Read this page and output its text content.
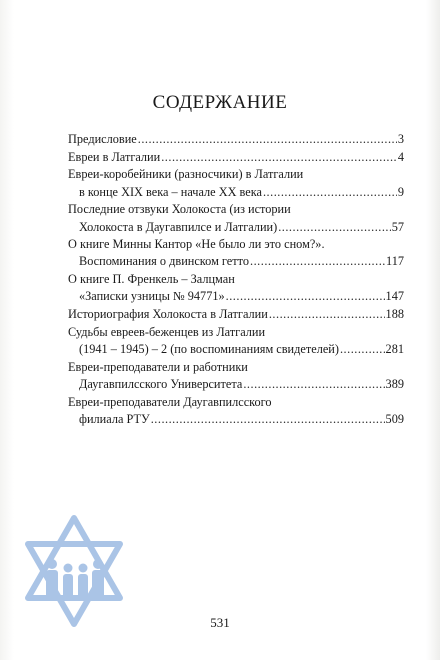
СОДЕРЖАНИЕ
Предисловие .....	3
Евреи в Латгалии .....	4
Евреи-коробейники (разносчики) в Латгалии
в конце XIX века – начале XX века .....	9
Последние отзвуки Холокоста (из истории
Холокоста в Даугавпилсе и Латгалии) .....	57
О книге Минны Кантор «Не было ли это сном?».
Воспоминания о двинском гетто .....	117
О книге П. Френкель – Залцман
«Записки узницы № 94771» .....	147
Историография Холокоста в Латгалии .....	188
Судьбы евреев-беженцев из Латгалии
(1941 – 1945) – 2 (по воспоминаниям свидетелей) .....	281
Евреи-преподаватели и работники
Даугавпилсского Университета .....	389
Евреи-преподаватели Даугавпилсского
филиала РТУ .....	509
531
